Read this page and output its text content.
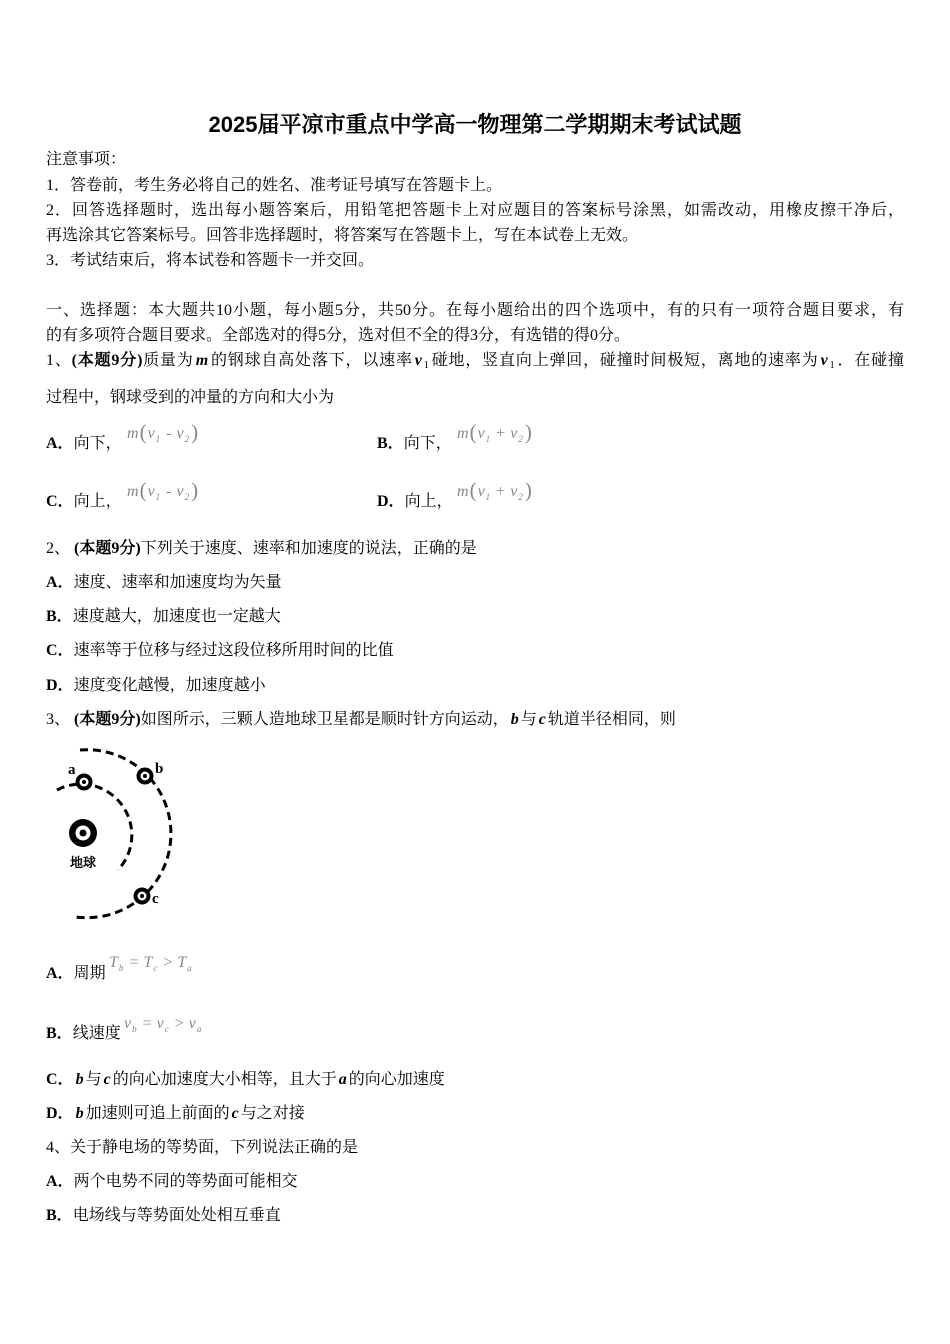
2025届平凉市重点中学高一物理第二学期期末考试试题
注意事项：
1．答卷前，考生务必将自己的姓名、准考证号填写在答题卡上。
2．回答选择题时，选出每小题答案后，用铅笔把答题卡上对应题目的答案标号涂黑，如需改动，用橡皮擦干净后，
再选涂其它答案标号。回答非选择题时，将答案写在答题卡上，写在本试卷上无效。
3．考试结束后，将本试卷和答题卡一并交回。
一、选择题：本大题共10小题，每小题5分，共50分。在每小题给出的四个选项中，有的只有一项符合题目要求，有
的有多项符合题目要求。全部选对的得5分，选对但不全的得3分，有选错的得0分。
1、(本题9分)质量为 m 的钢球自高处落下，以速率 v $_1$ 碰地，竖直向上弹回，碰撞时间极短，离地的速率为 v $_1$ ．在碰撞
过程中，钢球受到的冲量的方向和大小为
A．向下，
$m(v_1 - v_2)$	B．向下，
$m(v_1 + v_2)$
C．向上，
$m(v_1 - v_2)$	D．向上，
$m(v_1 + v_2)$
2、 (本题9分)下列关于速度、速率和加速度的说法，正确的是
A．速度、速率和加速度均为矢量
B．速度越大，加速度也一定越大
C．速率等于位移与经过这段位移所用时间的比值
D．速度变化越慢，加速度越小
3、 (本题9分)如图所示，三颗人造地球卫星都是顺时针方向运动， b 与 c 轨道半径相同，则
a	b
c
地球
A．周期
$T_b = T_c > T_a$
B．线速度
$v_b = v_c > v_a$
C． b 与 c 的向心加速度大小相等，且大于 a 的向心加速度
D． b 加速则可追上前面的 c 与之对接
4、关于静电场的等势面，下列说法正确的是
A．两个电势不同的等势面可能相交
B．电场线与等势面处处相互垂直
